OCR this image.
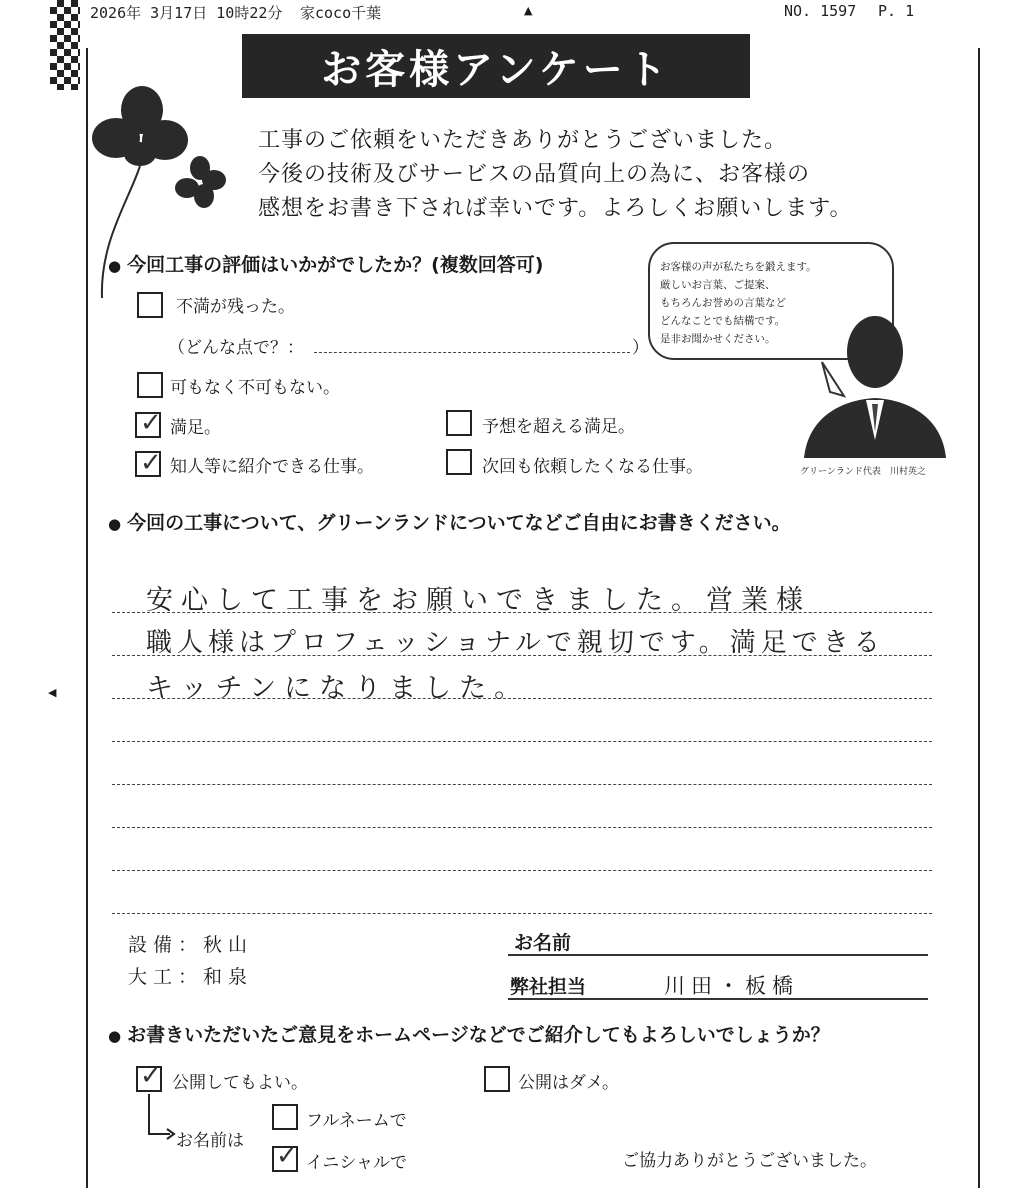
2026年 3月17日 10時22分 家coco千葉	▲	NO. 1597 P. 1
◀
お客様アンケート
工事のご依頼をいただきありがとうございました。
今後の技術及びサービスの品質向上の為に、お客様の
感想をお書き下されば幸いです。よろしくお願いします。
● 今回工事の評価はいかがでしたか？(複数回答可)
不満が残った。
（どんな点で？：	）
可もなく不可もない。
✓ 満足。	予想を超える満足。
✓ 知人等に紹介できる仕事。	次回も依頼したくなる仕事。
お客様の声が私たちを鍛えます。
厳しいお言葉、ご提案、
もちろんお誉めの言葉など
どんなことでも結構です。
是非お聞かせください。
グリーンランド代表　川村英之
● 今回の工事について、グリーンランドについてなどご自由にお書きください。
安心して工事をお願いできました。営業様
職人様はプロフェッショナルで親切です。満足できる
キッチンになりました。
設備：秋山
大工：和泉
お名前
弊社担当	川田・板橋
● お書きいただいたご意見をホームページなどでご紹介してもよろしいでしょうか？
✓ 公開してもよい。	公開はダメ。
お名前は
フルネームで
✓ イニシャルで	ご協力ありがとうございました。
